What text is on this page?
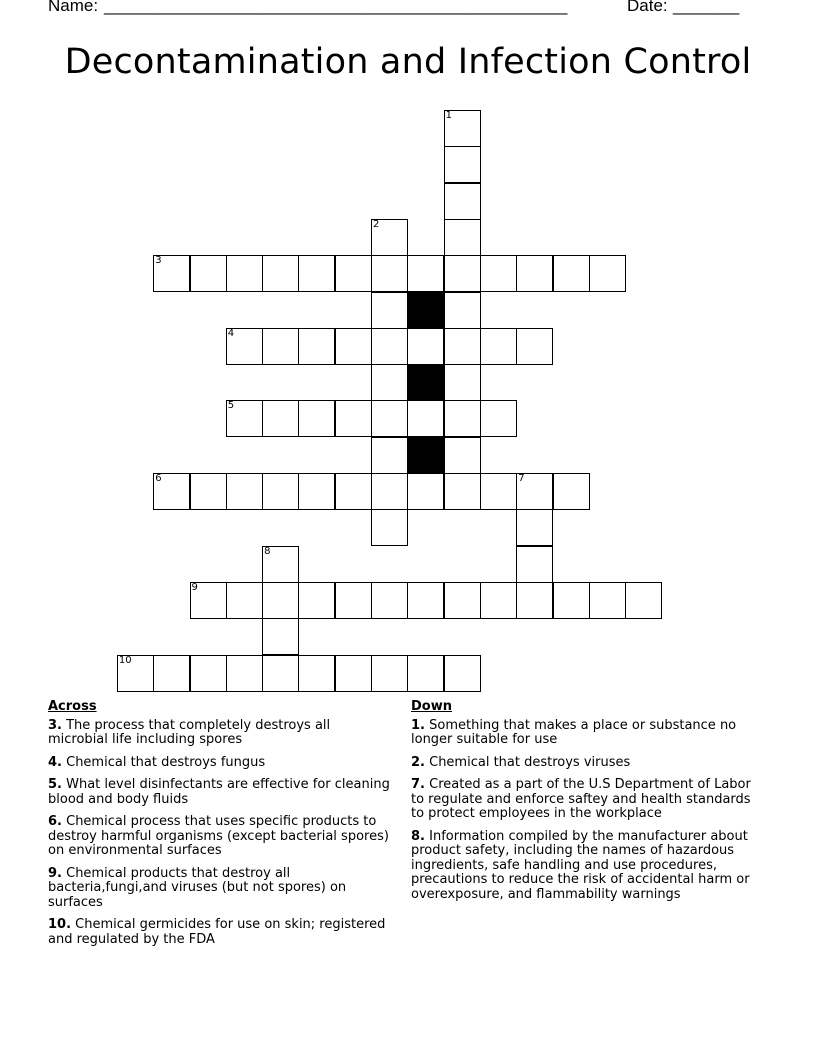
Name: _________________________________________________	Date: _______
Decontamination and Infection Control
1
2
3
4
5
6	7
8
9
10
Across
3. The process that completely destroys all microbial life including spores
4. Chemical that destroys fungus
5. What level disinfectants are effective for cleaning blood and body fluids
6. Chemical process that uses specific products to destroy harmful organisms (except bacterial spores) on environmental surfaces
9. Chemical products that destroy all bacteria,fungi,and viruses (but not spores) on surfaces
10. Chemical germicides for use on skin; registered and regulated by the FDA
Down
1. Something that makes a place or substance no longer suitable for use
2. Chemical that destroys viruses
7. Created as a part of the U.S Department of Labor to regulate and enforce saftey and health standards to protect employees in the workplace
8. Information compiled by the manufacturer about product safety, including the names of hazardous ingredients, safe handling and use procedures, precautions to reduce the risk of accidental harm or overexposure, and flammability warnings
